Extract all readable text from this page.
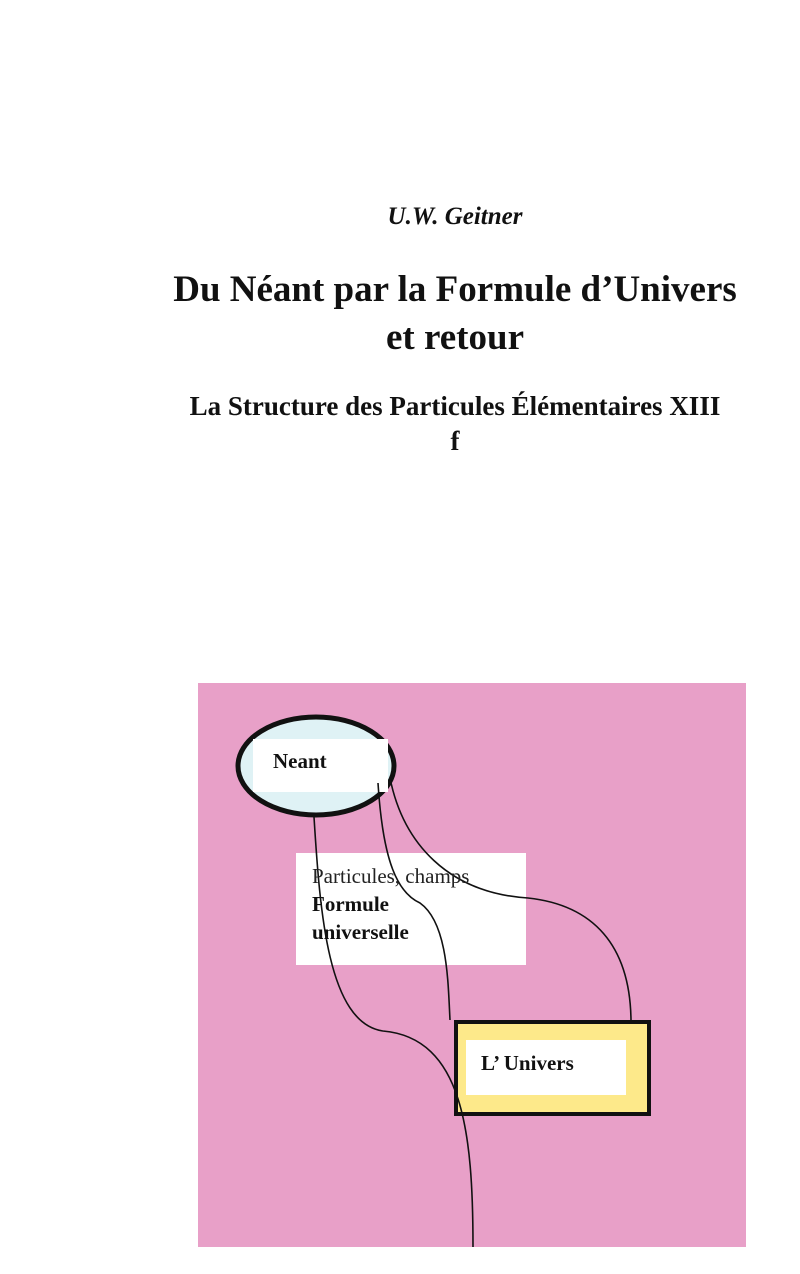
U.W. Geitner
Du Néant par la Formule d’Univers
et retour
La Structure des Particules Élémentaires XIII
f
Neant
Particules, champs
Formule
universelle
L’ Univers
